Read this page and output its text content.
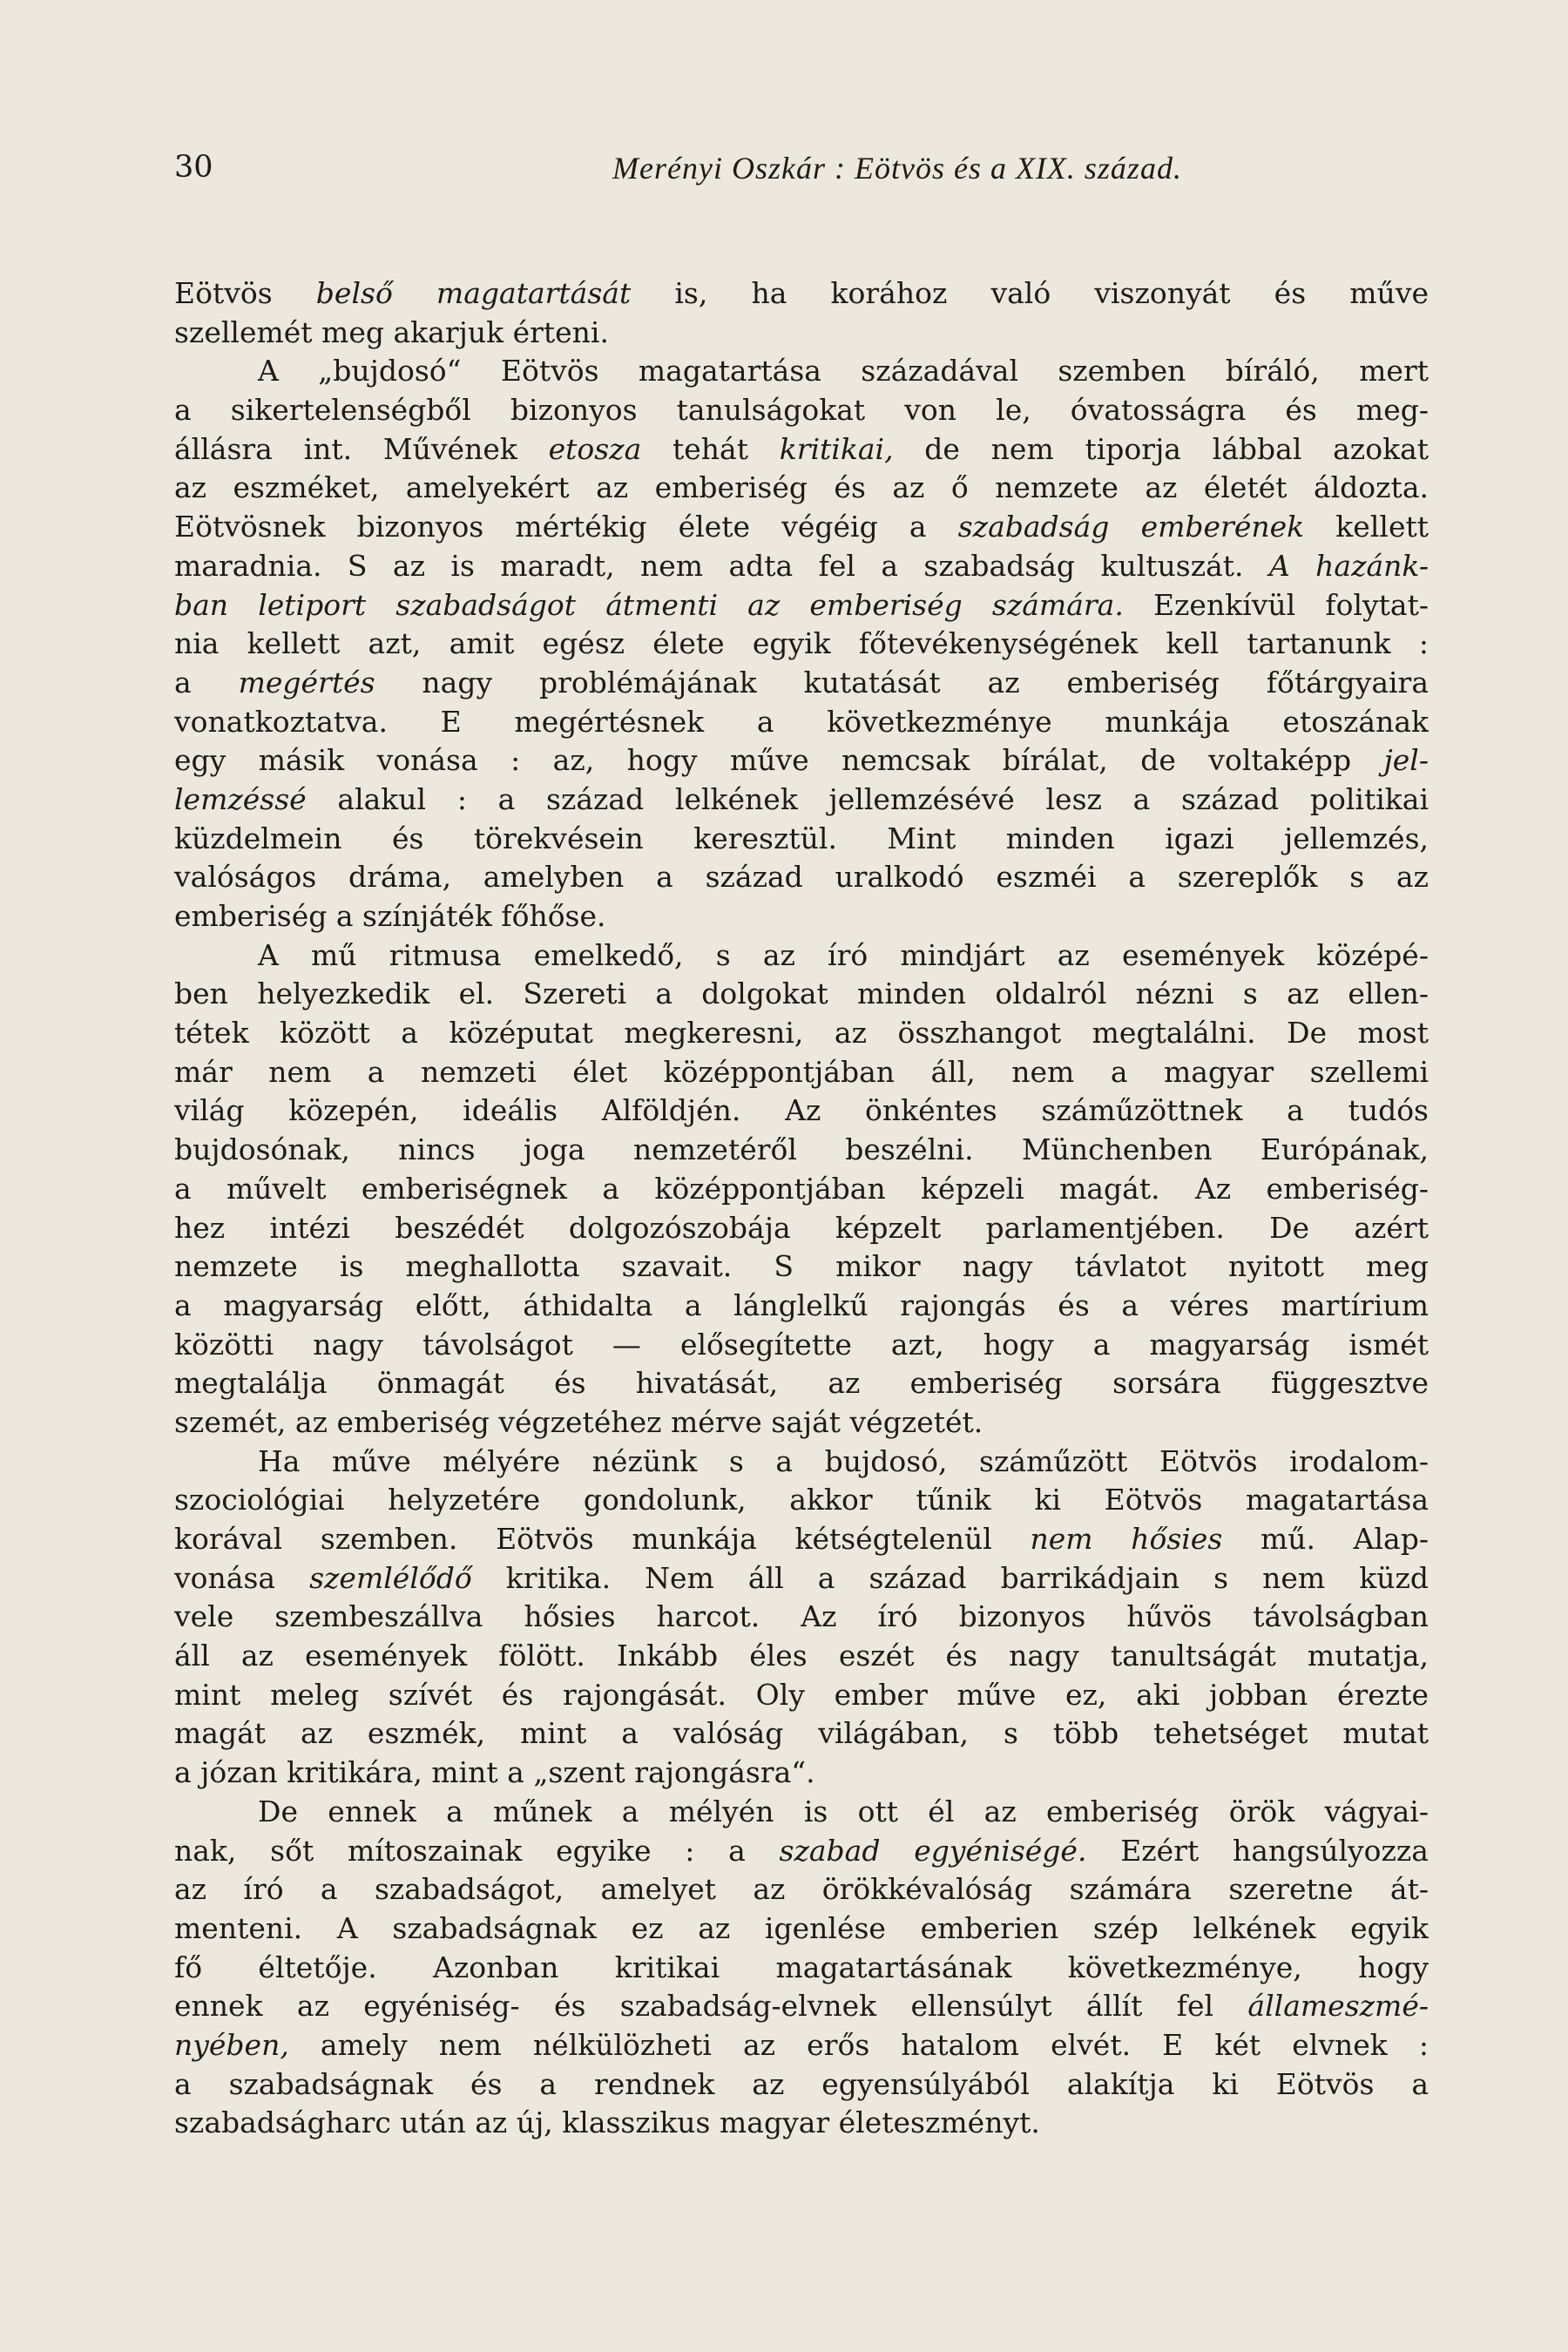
30	Merényi Oszkár : Eötvös és a XIX. század.
Eötvös belső magatartását is, ha korához való viszonyát és műve
szellemét meg akarjuk érteni.
A „bujdosó“ Eötvös magatartása századával szemben bíráló, mert
a sikertelenségből bizonyos tanulságokat von le, óvatosságra és meg-
állásra int. Művének etosza tehát kritikai, de nem tiporja lábbal azokat
az eszméket, amelyekért az emberiség és az ő nemzete az életét áldozta.
Eötvösnek bizonyos mértékig élete végéig a szabadság emberének kellett
maradnia. S az is maradt, nem adta fel a szabadság kultuszát. A hazánk-
ban letiport szabadságot átmenti az emberiség számára. Ezenkívül folytat-
nia kellett azt, amit egész élete egyik főtevékenységének kell tartanunk :
a megértés nagy problémájának kutatását az emberiség főtárgyaira
vonatkoztatva. E megértésnek a következménye munkája etoszának
egy másik vonása : az, hogy műve nemcsak bírálat, de voltaképp jel-
lemzéssé alakul : a század lelkének jellemzésévé lesz a század politikai
küzdelmein és törekvésein keresztül. Mint minden igazi jellemzés,
valóságos dráma, amelyben a század uralkodó eszméi a szereplők s az
emberiség a színjáték főhőse.
A mű ritmusa emelkedő, s az író mindjárt az események középé-
ben helyezkedik el. Szereti a dolgokat minden oldalról nézni s az ellen-
tétek között a középutat megkeresni, az összhangot megtalálni. De most
már nem a nemzeti élet középpontjában áll, nem a magyar szellemi
világ közepén, ideális Alföldjén. Az önkéntes száműzöttnek a tudós
bujdosónak, nincs joga nemzetéről beszélni. Münchenben Európának,
a művelt emberiségnek a középpontjában képzeli magát. Az emberiség-
hez intézi beszédét dolgozószobája képzelt parlamentjében. De azért
nemzete is meghallotta szavait. S mikor nagy távlatot nyitott meg
a magyarság előtt, áthidalta a lánglelkű rajongás és a véres martírium
közötti nagy távolságot — elősegítette azt, hogy a magyarság ismét
megtalálja önmagát és hivatását, az emberiség sorsára függesztve
szemét, az emberiség végzetéhez mérve saját végzetét.
Ha műve mélyére nézünk s a bujdosó, száműzött Eötvös irodalom-
szociológiai helyzetére gondolunk, akkor tűnik ki Eötvös magatartása
korával szemben. Eötvös munkája kétségtelenül nem hősies mű. Alap-
vonása szemlélődő kritika. Nem áll a század barrikádjain s nem küzd
vele szembeszállva hősies harcot. Az író bizonyos hűvös távolságban
áll az események fölött. Inkább éles eszét és nagy tanultságát mutatja,
mint meleg szívét és rajongását. Oly ember műve ez, aki jobban érezte
magát az eszmék, mint a valóság világában, s több tehetséget mutat
a józan kritikára, mint a „szent rajongásra“.
De ennek a műnek a mélyén is ott él az emberiség örök vágyai-
nak, sőt mítoszainak egyike : a szabad egyéniségé. Ezért hangsúlyozza
az író a szabadságot, amelyet az örökkévalóság számára szeretne át-
menteni. A szabadságnak ez az igenlése emberien szép lelkének egyik
fő éltetője. Azonban kritikai magatartásának következménye, hogy
ennek az egyéniség- és szabadság-elvnek ellensúlyt állít fel állameszmé-
nyében, amely nem nélkülözheti az erős hatalom elvét. E két elvnek :
a szabadságnak és a rendnek az egyensúlyából alakítja ki Eötvös a
szabadságharc után az új, klasszikus magyar életeszményt.
